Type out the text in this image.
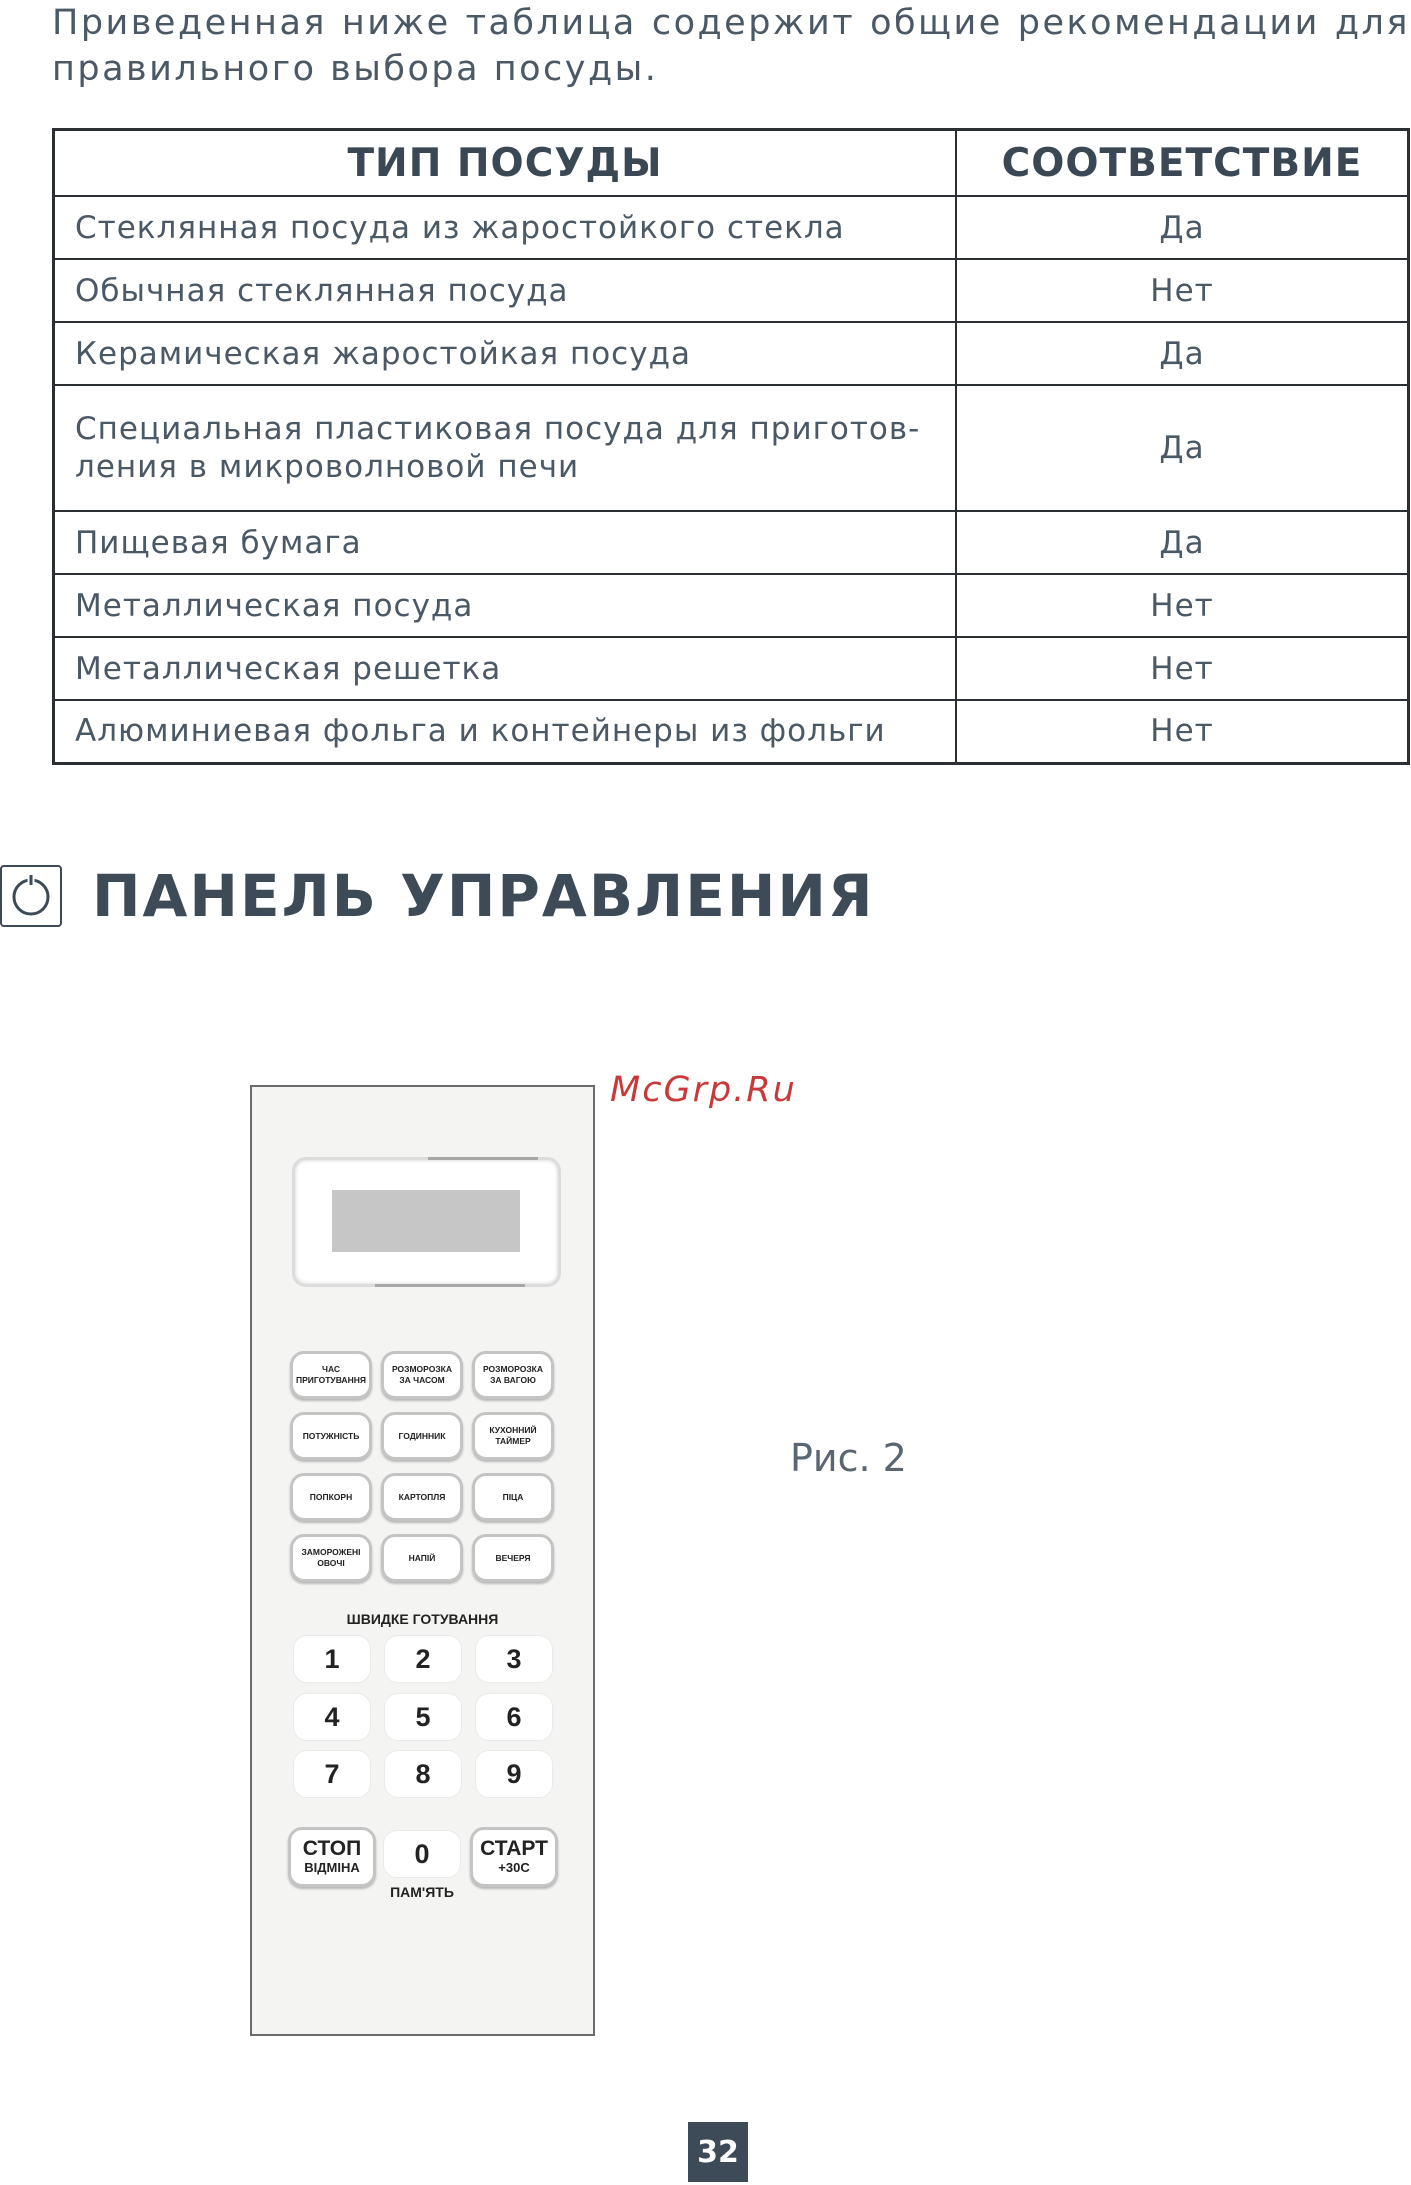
Приведенная ниже таблица содержит общие рекомендации для
правильного выбора посуды.
ТИП ПОСУДЫ	СООТВЕТСТВИЕ
Стеклянная посуда из жаростойкого стекла	Да
Обычная стеклянная посуда	Нет
Керамическая жаростойкая посуда	Да

Специальная пластиковая посуда для приготов-
ления в микроволновой печи	Да
Пищевая бумага	Да
Металлическая посуда	Нет
Металлическая решетка	Нет
Алюминиевая фольга и контейнеры из фольги	Нет
ПАНЕЛЬ УПРАВЛЕНИЯ
McGrp.Ru
ЧАС
ПРИГОТУВАННЯ
РОЗМОРОЗКА
ЗА ЧАСОМ
РОЗМОРОЗКА
ЗА ВАГОЮ
ПОТУЖНІСТЬ	ГОДИННИК
КУХОННИЙ
ТАЙМЕР
ПОПКОРН	КАРТОПЛЯ	ПІЦА
ЗАМОРОЖЕНІ
ОВОЧІ
НАПІЙ	ВЕЧЕРЯ
ШВИДКЕ ГОТУВАННЯ
1	2	3
4	5	6
7	8	9
СТОП
ВІДМІНА	0
ПАМ'ЯТЬ
СТАРТ
+30С
Рис. 2
32
